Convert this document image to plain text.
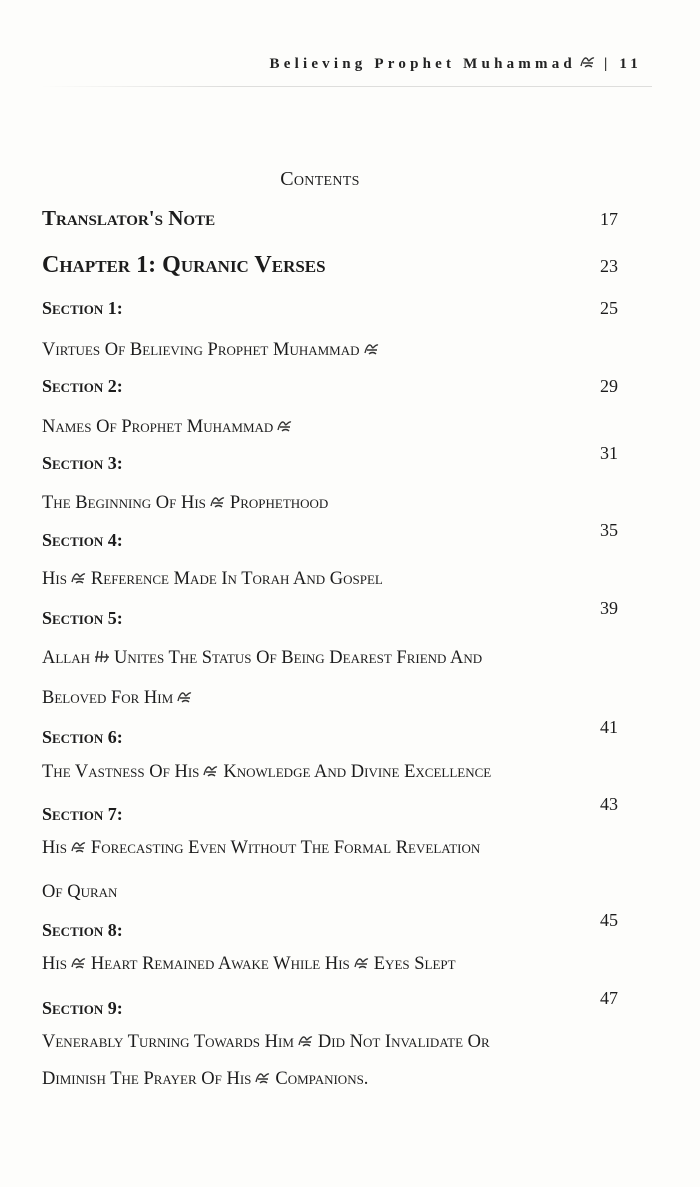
Believing Prophet Muhammad | 11
Contents
Translator's Note	17
Chapter 1: Quranic Verses	23
Section 1:	25
Virtues Of Believing Prophet Muhammad
Section 2:	29
Names Of Prophet Muhammad
Section 3:	31
The Beginning Of His Prophethood
Section 4:	35
His Reference Made In Torah And Gospel
Section 5:	39
Allah Unites The Status Of Being Dearest Friend And
Beloved For Him
Section 6:	41
The Vastness Of His Knowledge And Divine Excellence
Section 7:	43
His Forecasting Even Without The Formal Revelation
Of Quran
Section 8:	45
His Heart Remained Awake While His Eyes Slept
Section 9:	47
Venerably Turning Towards Him Did Not Invalidate Or
Diminish The Prayer Of His Companions.
